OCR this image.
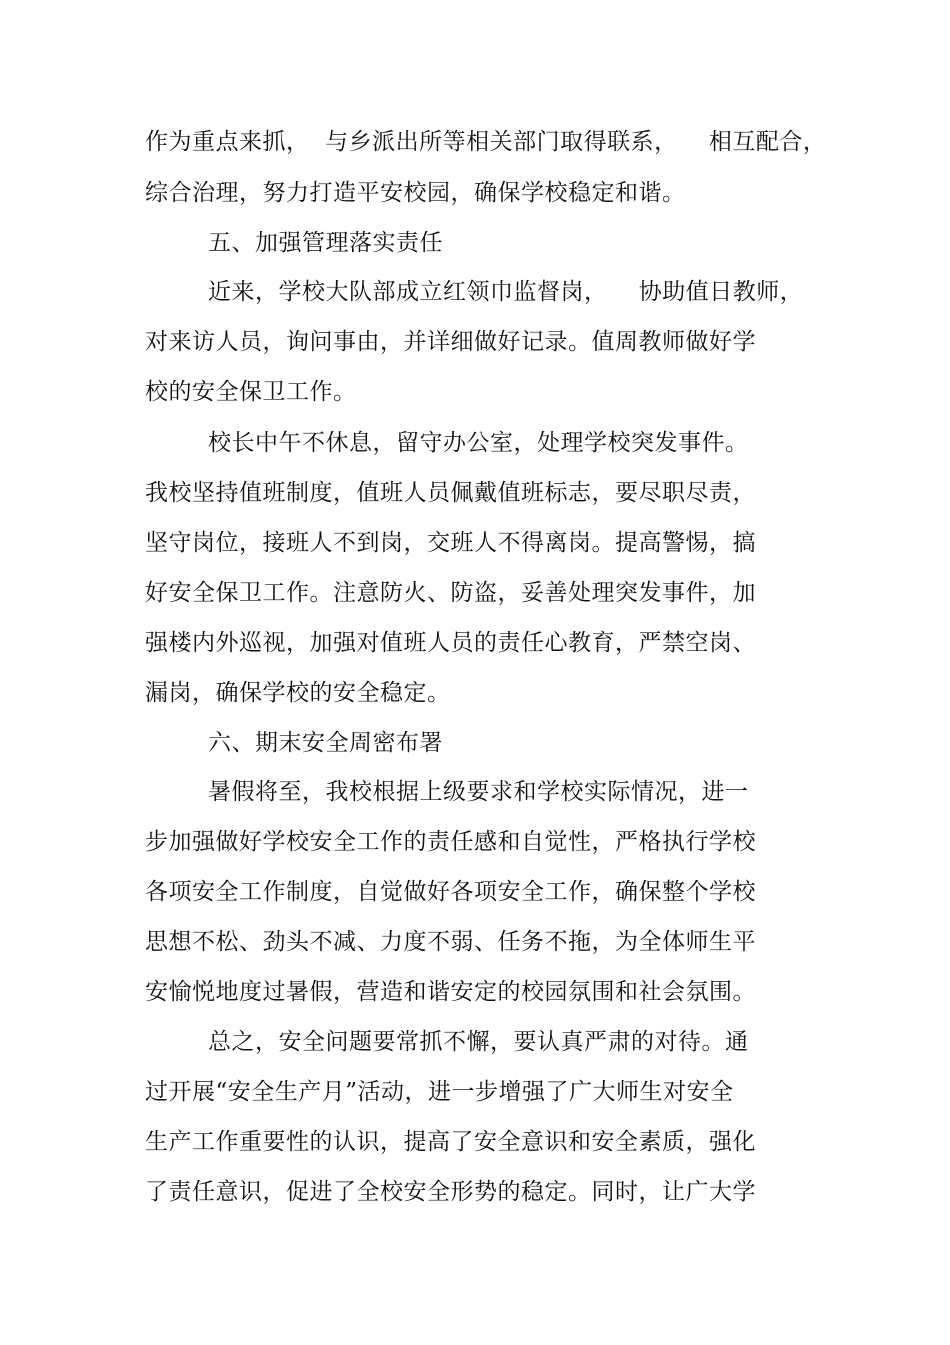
作为重点来抓，  与乡派出所等相关部门取得联系，    相互配合，
综合治理，努力打造平安校园，确保学校稳定和谐。
五、加强管理落实责任
近来，学校大队部成立红领巾监督岗，    协助值日教师，
对来访人员，询问事由，并详细做好记录。值周教师做好学
校的安全保卫工作。
校长中午不休息，留守办公室，处理学校突发事件。
我校坚持值班制度，值班人员佩戴值班标志，要尽职尽责，
坚守岗位，接班人不到岗，交班人不得离岗。提高警惕，搞
好安全保卫工作。注意防火、防盗，妥善处理突发事件，加
强楼内外巡视，加强对值班人员的责任心教育，严禁空岗、
漏岗，确保学校的安全稳定。
六、期末安全周密布署
暑假将至，我校根据上级要求和学校实际情况，进一
步加强做好学校安全工作的责任感和自觉性，严格执行学校
各项安全工作制度，自觉做好各项安全工作，确保整个学校
思想不松、劲头不减、力度不弱、任务不拖，为全体师生平
安愉悦地度过暑假，营造和谐安定的校园氛围和社会氛围。
总之，安全问题要常抓不懈，要认真严肃的对待。通
过开展“安全生产月”活动，进一步增强了广大师生对安全
生产工作重要性的认识，提高了安全意识和安全素质，强化
了责任意识，促进了全校安全形势的稳定。同时，让广大学
